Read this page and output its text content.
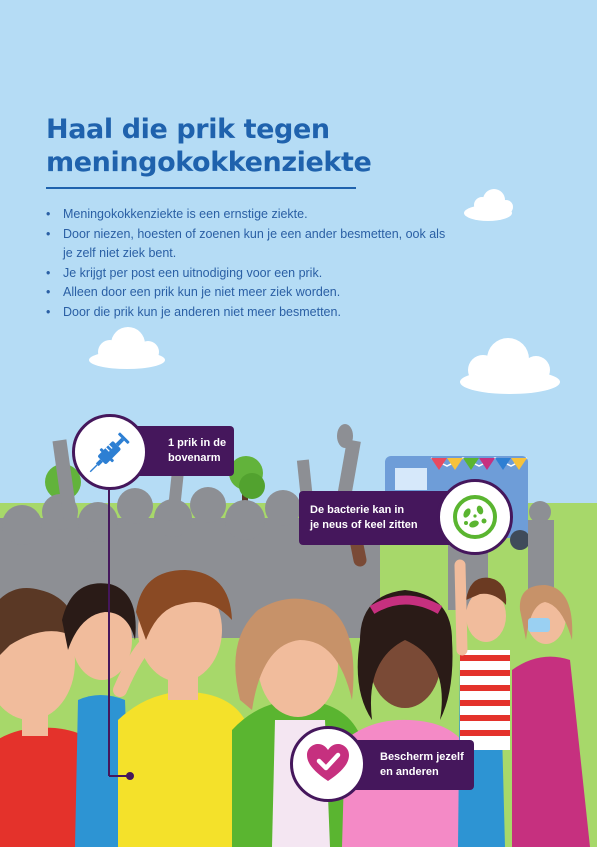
Haal die prik tegen
meningokokkenziekte
• Meningokokkenziekte is een ernstige ziekte.
• Door niezen, hoesten of zoenen kun je een ander besmetten, ook als je zelf niet ziek bent.
• Je krijgt per post een uitnodiging voor een prik.
• Alleen door een prik kun je niet meer ziek worden.
• Door die prik kun je anderen niet meer besmetten.
1 prik in de
bovenarm
De bacterie kan in
je neus of keel zitten
Bescherm jezelf
en anderen
